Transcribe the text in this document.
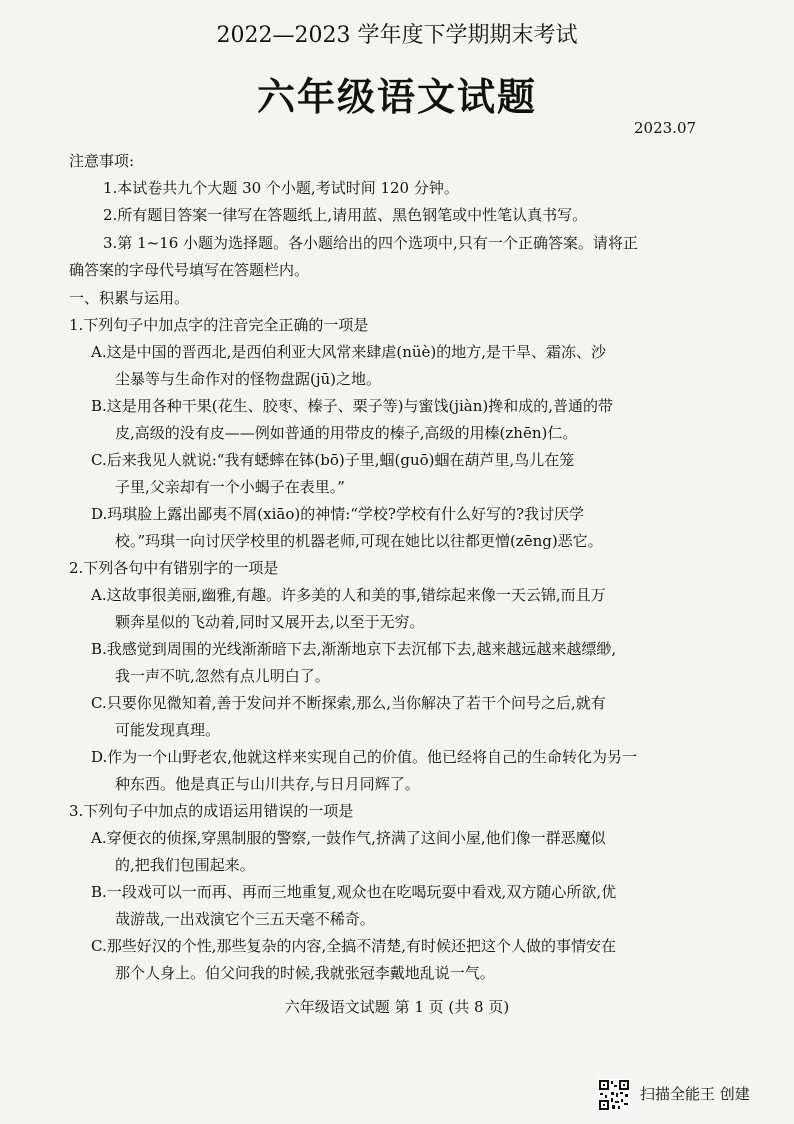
2022—2023 学年度下学期期末考试
六年级语文试题
2023.07
注意事项:
1.本试卷共九个大题 30 个小题,考试时间 120 分钟。
2.所有题目答案一律写在答题纸上,请用蓝、黑色钢笔或中性笔认真书写。
3.第 1~16 小题为选择题。各小题给出的四个选项中,只有一个正确答案。请将正
确答案的字母代号填写在答题栏内。
一、积累与运用。
1.下列句子中加点字的注音完全正确的一项是
A.这是中国的晋西北,是西伯利亚大风常来肆虐(nüè)的地方,是干旱、霜冻、沙
尘暴等与生命作对的怪物盘踞(jū)之地。
B.这是用各种干果(花生、胶枣、榛子、栗子等)与蜜饯(jiàn)搀和成的,普通的带
皮,高级的没有皮——例如普通的用带皮的榛子,高级的用榛(zhēn)仁。
C.后来我见人就说:“我有蟋蟀在钵(bō)子里,蝈(guō)蝈在葫芦里,鸟儿在笼
子里,父亲却有一个小蝎子在表里。”
D.玛琪脸上露出鄙夷不屑(xiāo)的神情:“学校?学校有什么好写的?我讨厌学
校。”玛琪一向讨厌学校里的机器老师,可现在她比以往都更憎(zēng)恶它。
2.下列各句中有错别字的一项是
A.这故事很美丽,幽雅,有趣。许多美的人和美的事,错综起来像一天云锦,而且万
颗奔星似的飞动着,同时又展开去,以至于无穷。
B.我感觉到周围的光线渐渐暗下去,渐渐地京下去沉郁下去,越来越远越来越缥缈,
我一声不吭,忽然有点儿明白了。
C.只要你见微知着,善于发问并不断探索,那么,当你解决了若干个问号之后,就有
可能发现真理。
D.作为一个山野老农,他就这样来实现自己的价值。他已经将自己的生命转化为另一
种东西。他是真正与山川共存,与日月同辉了。
3.下列句子中加点的成语运用错误的一项是
A.穿便衣的侦探,穿黑制服的警察,一鼓作气,挤满了这间小屋,他们像一群恶魔似
的,把我们包围起来。
B.一段戏可以一而再、再而三地重复,观众也在吃喝玩耍中看戏,双方随心所欲,优
哉游哉,一出戏演它个三五天毫不稀奇。
C.那些好汉的个性,那些复杂的内容,全搞不清楚,有时候还把这个人做的事情安在
那个人身上。伯父问我的时候,我就张冠李戴地乱说一气。
六年级语文试题 第 1 页 (共 8 页)
扫描全能王 创建
